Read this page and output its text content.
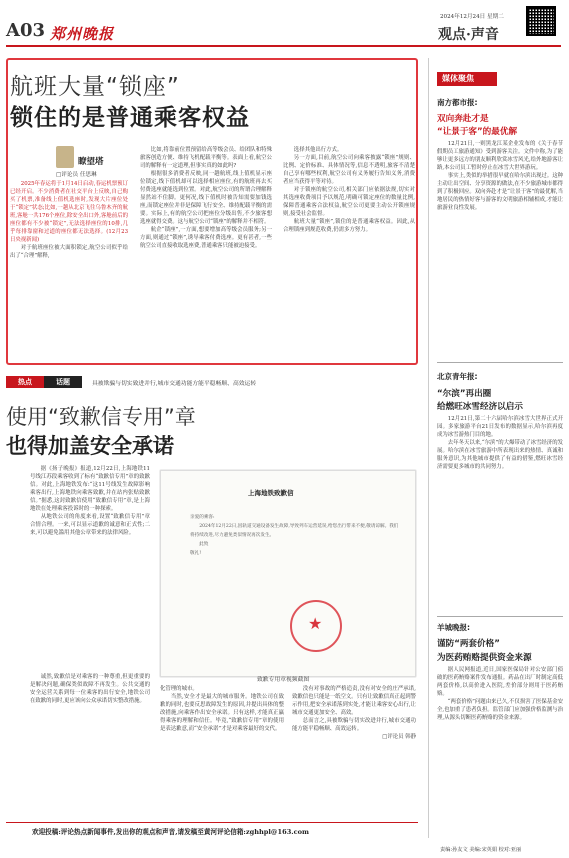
A03 郑州晚报
2024年12月24日 星期二
观点·声音
航班大量“锁座”
锁住的是普通乘客权益
瞭望塔
□评论员 任思琳

2025年春运将于1月14日启动,春运机票预订已经开启。不少消费者在社交平台上反映,自己购买了机票,准备线上值机选座时,发现大片座位处于“锁定”状态;比如,一趟从北京飞往乌鲁木齐的航班,客舱一共176个座位,除安全出口外,客舱前后的座位都有不少被“锁定”,无法选择座位的10排,几乎每排靠窗和过道的座位都无法选择。(12月23日央视新闻)

对于航班座位被大面积锁定,航空公司似乎给出了“合理”解释,

比如,将靠前位置预留给高等级会员、给团队和特殊旅客创造方便、维持飞机配载平衡等。表面上看,航空公司的解释有一定道理,但事实真的如此吗?

根据很多消费者反映,同一趟航班,线上值机显示座位锁定,线下值机却可以选择相应座位,有的航班再去买付费选座就能选到位置。对此,航空公司的所谓合理解释显然站不住脚。更何况,线下值机时被告知需要加钱选座,而锁定座位并非是保障飞行安全、维持配载平衡的需要。实际上,有的航空公司把座位分级出售,不少旅客想选座就得交费。这与航空公司“锁座”的解释并不相符。

航企“锁座”,一方面,想要增加高等级会员服务;另一方面,则通过“锁座”,诱导乘客付费选座。更有甚者,一些航空公司直接收取选座费,普通乘客只能被迫接受。

选择其他出行方式。

另一方面,目前,航空公司向乘客披露“锁座”规则、比例、定价标准、具体情况等,信息不透明,旅客不清楚自己享有哪些权利,航空公司有义务履行告知义务,消费者应当获得平等对待。

对于锁座的航空公司,相关部门应依据法规,切实对其选座收费项目予以规范,明确可锁定座位的数量比例,保障普通乘客合法权益,航空公司更要主动公开锁座规则,接受社会监督。

航班大量“锁座”,锁住的是普通乘客权益。因此,从合理锁座到规范收费,仍需多方努力。

热点	话题	具被欺骗与切实致进并行,城市交通功能方能平稳畅顺、高效运转
使用“致歉信专用”章
也得加盖安全承诺

据《扬子晚报》报道,12月22日,上海地铁11号线江苏段乘客收到了标有“致歉信专用”章的致歉信。对此,上海地铁发布:“这11号线发生故障影响乘客出行,上海地铁向乘客致歉,并在站内张贴致歉信。”据悉,这封致歉信使用“致歉信专用”章,是上海地铁在处理乘客投诉时的一种探索。

从地铁公司的角度来看,设置“致歉信专用”章合情合理。一来,可以显示道歉的诚意和正式性;二来,可以避免滥用其他公章带来的法律风险。

诚然,致歉信是对乘客的一种尊重,但更重要的是解决问题,确保类似故障不再发生。公共交通的安全运营关系到每一位乘客的出行安全,地铁公司在致歉的同时,更应该向公众承诺切实整改措施。

上海地铁致歉信
亲爱的乘客:
2024年12月22日,因轨道交通设备发生故障,导致列车运营延误,给您出行带来不便,敬请谅解。我们将持续改进,尽力避免类似情况再次发生。
此致
敬礼!
★
致歉专用章视频截图

化管理的城市。

当然,安全才是最大的城市服务。地铁公司在致歉的同时,也要反思故障发生的原因,并提出具体的整改措施,向乘客作出安全承诺。只有这样,才能真正赢得乘客的理解和信任。毕竟,“致歉信专用”章的使用是表达歉意,而“安全承诺”才是对乘客最好的交代。

没有对事故的严格追责,没有对安全的庄严承诺,致歉信也只能是一纸空文。只有让致歉信真正起到警示作用,把安全承诺落到实处,才能让乘客安心出行,让城市交通更加安全、高效。

总而言之,具被欺骗与切实改进并行,城市交通功能方能平稳畅顺、高效运转。

□评论员 韩静

欢迎投稿:评论热点新闻事件,发出你的观点和声音,请发稿至黄河评论信箱:zghhpl@163.com
责编:孙友文 美编:宋英娟 校对:亚丽
媒体聚焦
南方都市报:
双向奔赴才是
“让景于客”的最优解

12月21日,一则黑龙江某企业发布的《关于春节假期员工旅游通知》受到游客关注。文件中称,为了能够让更多远方的朋友顺利欣赏冰雪风光,给外地游客让路,本公司员工暂时停止在冰雪大世界游玩。

事实上,类似的举措很早就在哈尔滨出现过。这种主动让出空间、分享资源的做法,在不少旅游城市都得到了积极回应。双向奔赴才是“让景于客”的最优解,当地居民的热情好客与游客的文明旅游相辅相成,才能让旅游业良性发展。

北京青年报:
“尔滨”再出圈
给燃旺冰雪经济以启示

12月21日,第二十六届哈尔滨冰雪大世界正式开园。多家旅游平台21日发布的数据显示,哈尔滨再度成为冰雪游热门目的地。

去年冬天以来,“尔滨”的大爆带动了冰雪经济的发展。哈尔滨在冰雪旅游中所表现出来的热情、真诚和服务意识,为其他城市提供了有益的借鉴,燃旺冰雪经济需要更多城市的共同努力。

羊城晚报:
谨防“两套价格”
为医药贿赂提供资金来源

据人民网报道,近日,国家医保局针对公安部门侦破的医药贿赂案件发布通报。药品在出厂时制定高低两套价格,以高价进入医院,差价部分则用于医药贿赂。

“两套价格”问题由来已久,不仅损害了医保基金安全,也加重了患者负担。监管部门应加强价格监测与治理,从源头切断医药贿赂的资金来源。
